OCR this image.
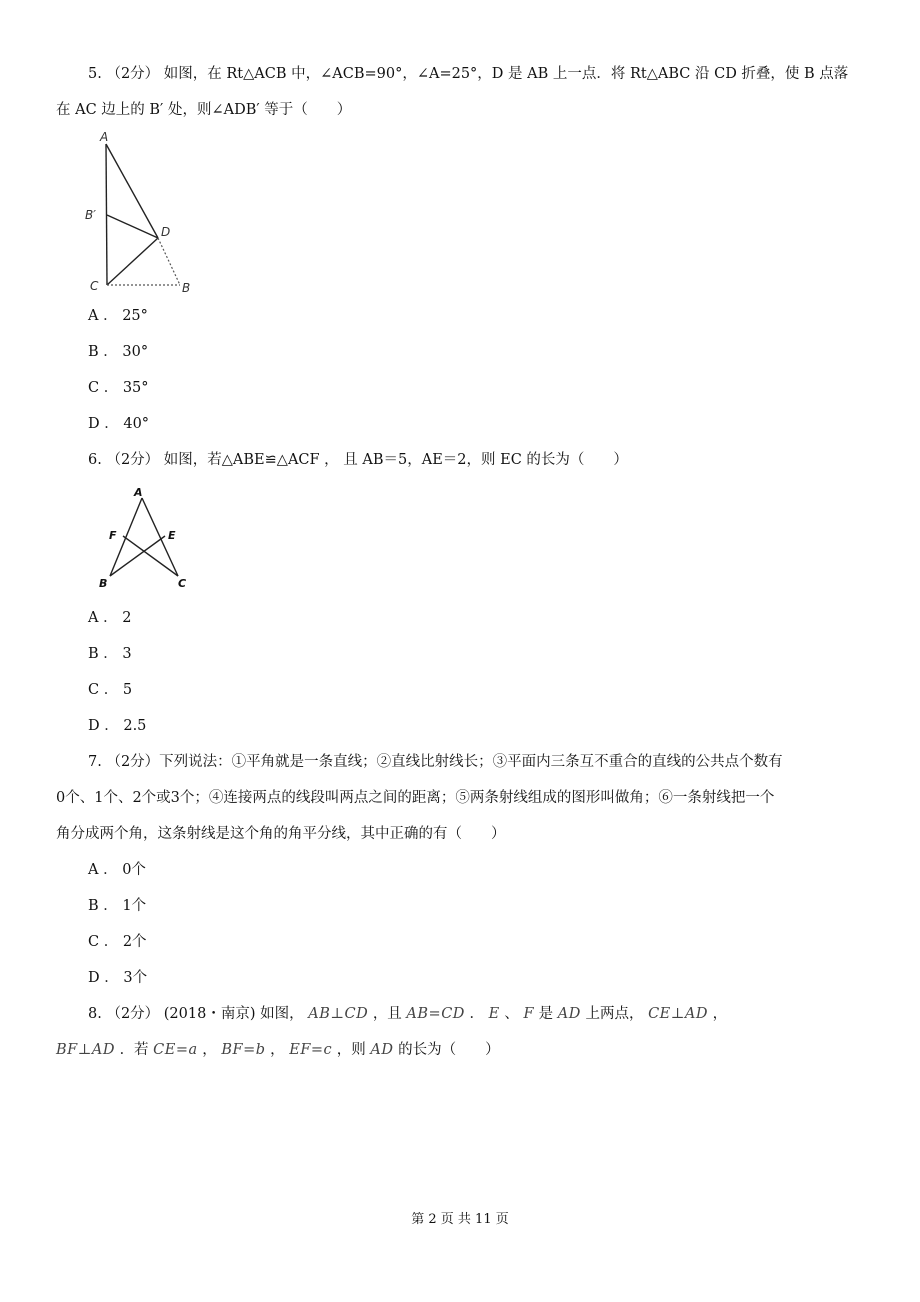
5. （2分） 如图，在 Rt△ACB 中，∠ACB=90°，∠A=25°，D 是 AB 上一点．将 Rt△ABC 沿 CD 折叠，使 B 点落
在 AC 边上的 B′ 处，则∠ADB′ 等于（　　）
A
B′
D
C	B
A ． 25°
B ． 30°
C ． 35°
D ． 40°
6. （2分） 如图，若△ABE≌△ACF ， 且 AB＝5，AE＝2，则 EC 的长为（　　）
A
F	E
B	C
A ． 2
B ． 3
C ． 5
D ． 2.5
7. （2分）下列说法：①平角就是一条直线；②直线比射线长；③平面内三条互不重合的直线的公共点个数有
0个、1个、2个或3个；④连接两点的线段叫两点之间的距离；⑤两条射线组成的图形叫做角；⑥一条射线把一个
角分成两个角，这条射线是这个角的角平分线，其中正确的有（　　）
A ． 0个
B ． 1个
C ． 2个
D ． 3个
8. （2分） (2018・南京) 如图， AB⊥CD ，且 AB=CD ． E 、 F 是 AD 上两点， CE⊥AD ，
BF⊥AD ．若 CE=a ， BF=b ， EF=c ，则 AD 的长为（　　）
第 2 页 共 11 页
